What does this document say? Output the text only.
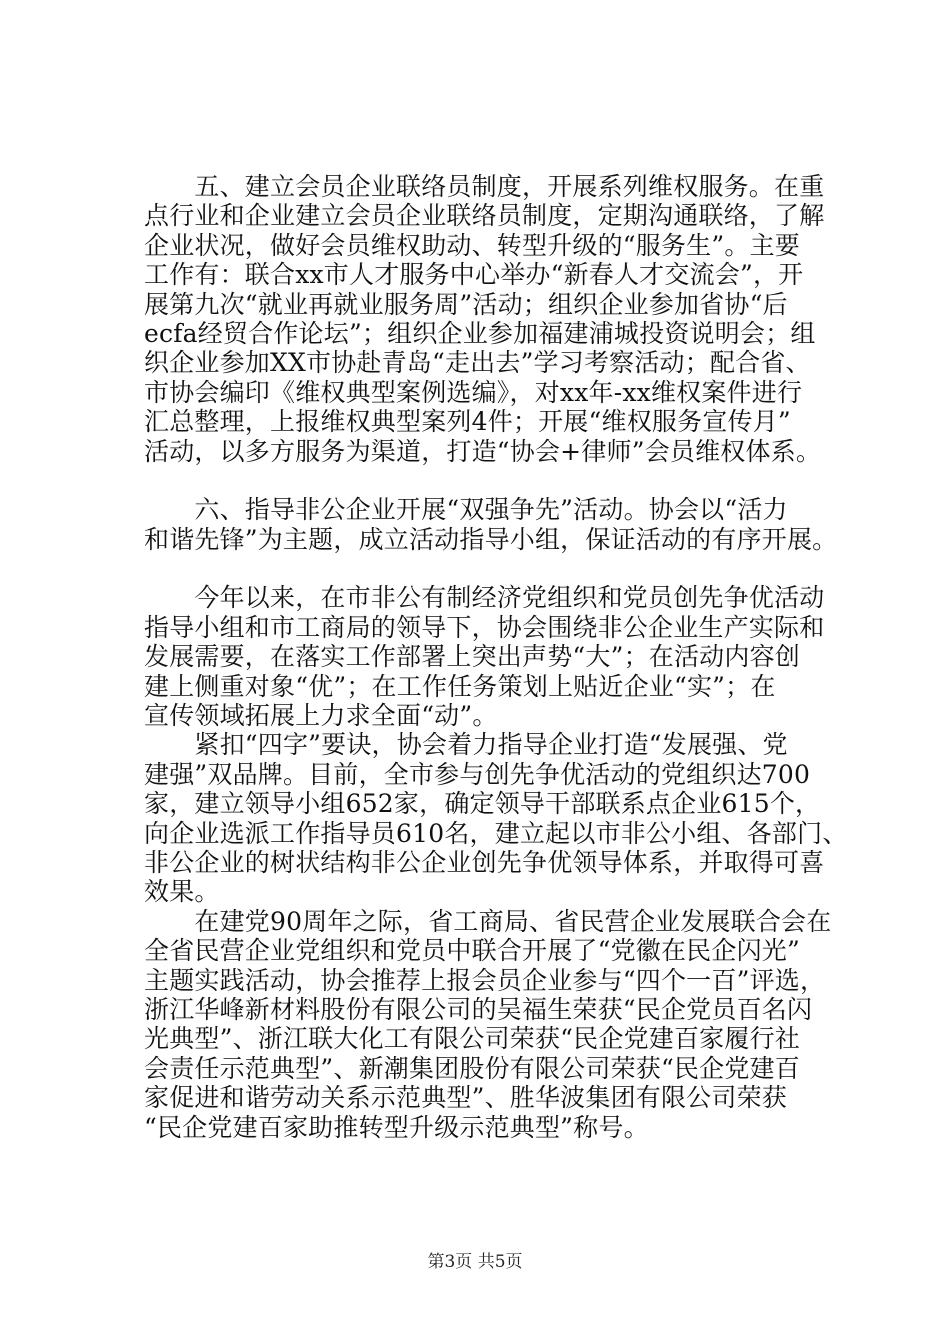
　　五、建立会员企业联络员制度，开展系列维权服务。在重
点行业和企业建立会员企业联络员制度，定期沟通联络，了解
企业状况，做好会员维权助动、转型升级的“服务生”。主要
工作有：联合xx市人才服务中心举办“新春人才交流会”，开
展第九次“就业再就业服务周”活动；组织企业参加省协“后
ecfa经贸合作论坛”；组织企业参加福建浦城投资说明会；组
织企业参加XX市协赴青岛“走出去”学习考察活动；配合省、
市协会编印《维权典型案例选编》，对xx年-xx维权案件进行
汇总整理，上报维权典型案列4件；开展“维权服务宣传月”
活动，以多方服务为渠道，打造“协会+律师”会员维权体系。
　　六、指导非公企业开展“双强争先”活动。协会以“活力
和谐先锋”为主题，成立活动指导小组，保证活动的有序开展。
　　今年以来，在市非公有制经济党组织和党员创先争优活动
指导小组和市工商局的领导下，协会围绕非公企业生产实际和
发展需要，在落实工作部署上突出声势“大”；在活动内容创
建上侧重对象“优”；在工作任务策划上贴近企业“实”；在
宣传领域拓展上力求全面“动”。
　　紧扣“四字”要诀，协会着力指导企业打造“发展强、党
建强”双品牌。目前，全市参与创先争优活动的党组织达700
家，建立领导小组652家，确定领导干部联系点企业615个，
向企业选派工作指导员610名，建立起以市非公小组、各部门、
非公企业的树状结构非公企业创先争优领导体系，并取得可喜
效果。
　　在建党90周年之际，省工商局、省民营企业发展联合会在
全省民营企业党组织和党员中联合开展了“党徽在民企闪光”
主题实践活动，协会推荐上报会员企业参与“四个一百”评选，
浙江华峰新材料股份有限公司的吴福生荣获“民企党员百名闪
光典型”、浙江联大化工有限公司荣获“民企党建百家履行社
会责任示范典型”、新潮集团股份有限公司荣获“民企党建百
家促进和谐劳动关系示范典型”、胜华波集团有限公司荣获
“民企党建百家助推转型升级示范典型”称号。
第3页 共5页
